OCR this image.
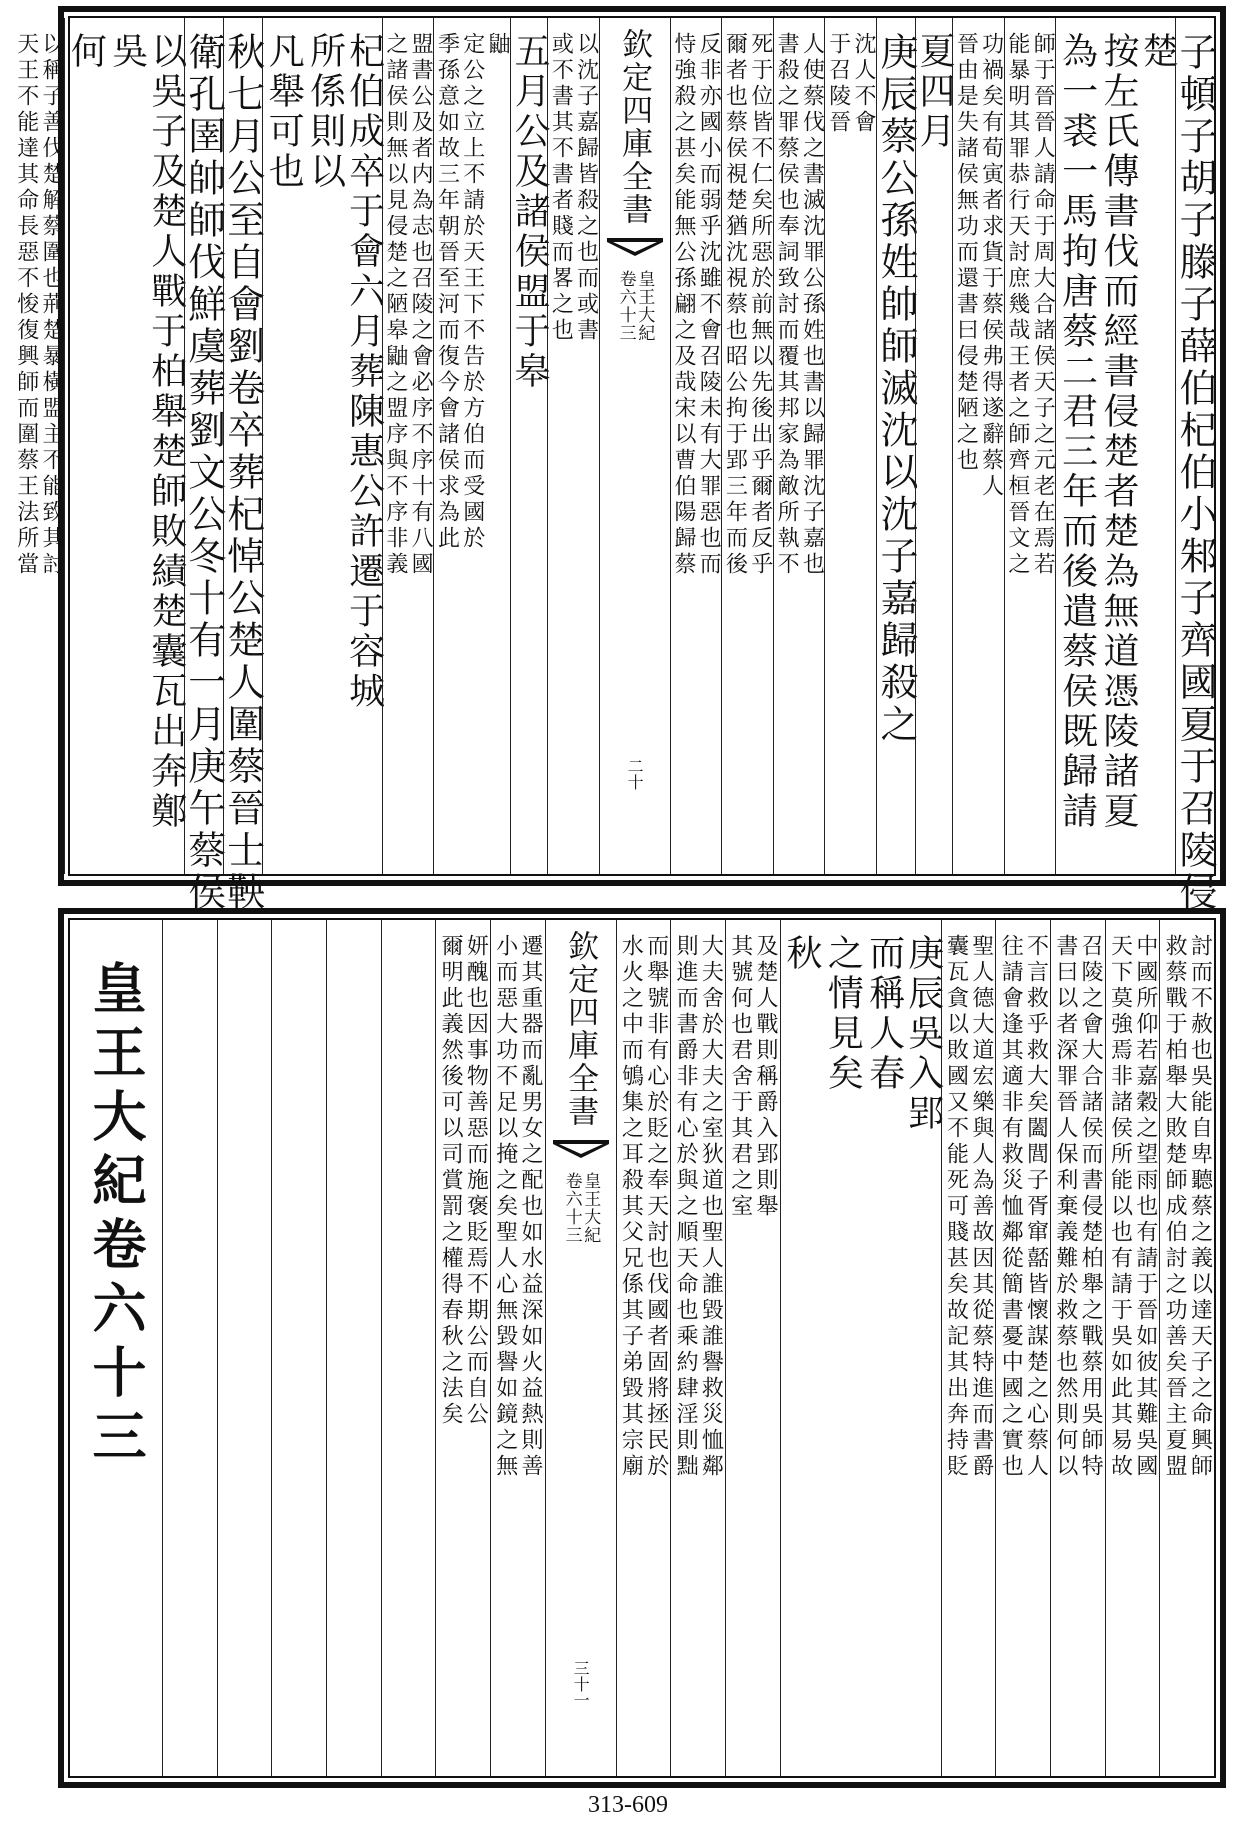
子頓子胡子滕子薛伯杞伯小邾子齊國夏于召陵侵
楚
按左氏傳書伐而經書侵楚者楚為無道憑陵諸夏
為一裘一馬拘唐蔡二君三年而後遣蔡侯既歸請
師于晉晉人請命于周大合諸侯天子之元老在焉若
能暴明其罪恭行天討庶幾哉王者之師齊桓晉文之
功禍矣有荀寅者求貨于蔡侯弗得遂辭蔡人
晉由是失諸侯無功而還書曰侵楚陋之也
夏四月
庚辰蔡公孫姓帥師滅沈以沈子嘉歸殺之
沈人不會
于召陵晉
人使蔡伐之書滅沈罪公孫姓也書以歸罪沈子嘉也
書殺之罪蔡侯也奉詞致討而覆其邦家為敵所執不
死于位皆不仁矣所惡於前無以先後出乎爾者反乎
爾者也蔡侯視楚猶沈視蔡也昭公拘于郢三年而後
反非亦國小而弱乎沈雖不會召陵未有大罪惡也而
恃強殺之甚矣能無公孫翩之及哉宋以曹伯陽歸蔡
欽定四庫全書
皇王大紀
卷六十三
二十
以沈子嘉歸皆殺之也而或書
或不書其不書者賤而畧之也
五月公及諸侯盟于皋
鼬
定公之立上不請於天王下不告於方伯而受國於
季孫意如故三年朝晉至河而復今會諸侯求為此
盟書公及者内為志也召陵之會必序不序十有八國
之諸侯則無以見侵楚之陋皋鼬之盟序與不序非義
杞伯成卒于會六月葬陳惠公許遷于容城
所係則以
凡舉可也
秋七月公至自會劉卷卒葬杞悼公楚人圍蔡晉士鞅
衛孔圉帥師伐鮮虞葬劉文公冬十有一月庚午蔡侯
以吳子及楚人戰于柏舉楚師敗績楚囊瓦出奔鄭
吳
何
以稱子善伐楚解蔡圍也荊楚暴橫盟主不能致其討
天王不能達其命長惡不悛復興師而圍蔡王法所當
討而不赦也吳能自卑聽蔡之義以達天子之命興師
救蔡戰于柏舉大敗楚師成伯討之功善矣晉主夏盟
中國所仰若嘉穀之望雨也有請于晉如彼其難吳國
天下莫強焉非諸侯所能以也有請于吳如此其易故
召陵之會大合諸侯而書侵楚柏舉之戰蔡用吳師特
書曰以者深罪晉人保利棄義難於救蔡也然則何以
不言救乎救大矣闔閭子胥窜嚭皆懷謀楚之心蔡人
往請會逢其適非有救災恤鄰從簡書憂中國之實也
聖人德大道宏樂與人為善故因其從蔡特進而書爵
囊瓦貪以敗國又不能死可賤甚矣故記其出奔持貶
庚辰吳入郢
而稱人春
之情見矣
秋
及楚人戰則稱爵入郢則舉
其號何也君舍于其君之室
大夫舍於大夫之室狄道也聖人誰毀誰譽救災恤鄰
則進而書爵非有心於與之順天命也乘約肆淫則黜
而舉號非有心於貶之奉天討也伐國者固將拯民於
水火之中而鴝集之耳殺其父兄係其子弟毀其宗廟
欽定四庫全書
皇王大紀
卷六十三
三十一
遷其重器而亂男女之配也如水益深如火益熱則善
小而惡大功不足以掩之矣聖人心無毀譽如鏡之無
妍醜也因事物善惡而施褒貶焉不期公而自公
爾明此義然後可以司賞罰之權得春秋之法矣
皇王大紀卷六十三
313-609
